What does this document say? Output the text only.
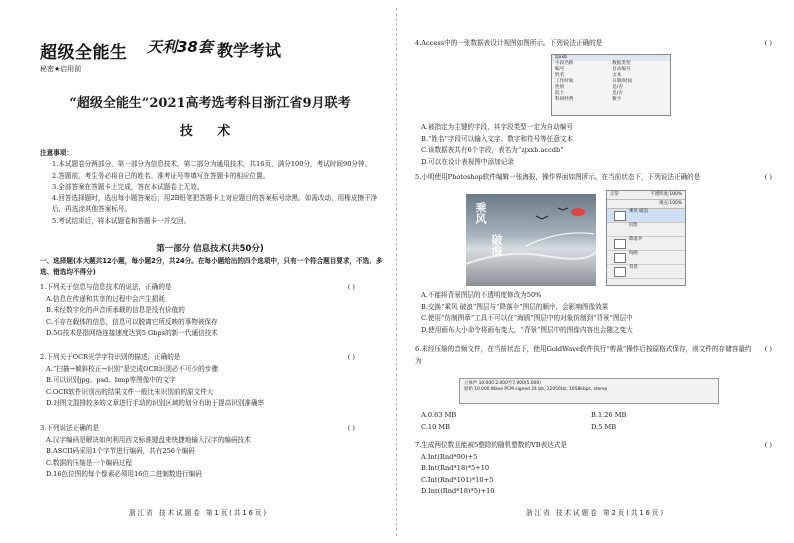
超级全能生 天利38套 教学考试
秘密★启用前
“超级全能生”2021高考选考科目浙江省9月联考
技 术
注意事项：
1.本试题卷分两部分，第一部分为信息技术，第二部分为通用技术，共16页，满分100分，考试时间90分钟。
2.答题前，考生务必将自己的姓名、准考证号等填写在答题卡的相应位置。
3.全部答案在答题卡上完成，答在本试题卷上无效。
4.回答选择题时，选出每小题答案后，用2B铅笔把答题卡上对应题目的答案标号涂黑。如需改动，用橡皮擦干净后，再选涂其他答案标号。
5.考试结束后，将本试题卷和答题卡一并交回。
第一部分 信息技术(共50分)
一、选择题(本大题共12小题，每小题2分，共24分。在每小题给出的四个选项中，只有一个符合题目要求，不选、多选、错选均不得分)
1.下列关于信息与信息技术的说法，正确的是	( )
A.信息在传递和共享的过程中会产生损耗
B.未经数字化的声音所承载的信息是没有价值的
C.不存在载体的信息，信息可以脱离它所反映的事物被保存
D.5G技术是指网络连接速度达到5 Gbps的新一代通信技术
2.下列关于OCR光学字符识别的描述，正确的是	( )
A.“扫描→倾斜校正→识别”是完成OCR识别必不可少的步骤
B.可以识别jpg、psd、bmp等图像中的文字
C.OCR软件识别出的结果文件一般比未识别前的原文件大
D.对图文混排较多的文章进行手动的识别区域的划分有助于提高识别准确率
3.下列说法正确的是	( )
A.汉字编码是解决如何利用西文标准键盘来快捷地输入汉字的编码技术
B.ASCII码采用1个字节进行编码，共有256个编码
C.数据的压缩是一个编码过程
D.16色位图的每个像素必须用16位二进制数进行编码
浙江省 技术试题卷 第1页(共16页)
4.Access中的一张数据表设计视图如图所示。下列说法正确的是	( )
zjxxb
字段名称	数据类型
编号	自动编号
姓名	文本
工作时间	日期/时间
性别	是/否
院士	是/否
科研经费	数字
A.被指定为主键的字段，其字段类型一定为自动编号
B.“姓名”字段可以输入文字、数字和符号等任意文本
C.该数据表共有6个字段，表名为“zjxxb.accdb”
D.可以在设计表视图中添加记录
5.小明使用Photoshop软件编辑一张海报，操作界面如图所示。在当前状态下，下列说法正确的是	( )
乘风
破浪
正常	不透明度:100%
填充:100%
乘风 破浪
投影
降落伞
海鸥
背景
A.不能将背景图层的不透明度修改为50%
B.交换“乘风 破浪”图层与“降落伞”图层的顺序，会影响图像效果
C.使用“仿制图章”工具不可以在“海鸥”图层中的对象仿制到“背景”图层中
D.使用画布大小命令将画布变大，“背景”图层中的图像内容也会随之变大
6.未经压缩的音频文件，在当前状态下，使用GoldWave软件执行“剪裁”操作后按原格式保存，则文件的存储容量约为
( )
立体声 10.000 2.000至7.000(5.000)
原始 10.000 Wave PCM signed 24 bit, 22050Hz, 1058kbps, stereo
A.0.63 MB	B.1.26 MB
C.10 MB	D.5 MB
7.生成两位数且能被5整除的随机整数的VB表达式是	( )
A.Int(Rnd*90)+5
B.Int(Rnd*18)*5+10
C.Int(Rnd*101)*10+5
D.Int((Rnd*18)*5)+10
浙江省 技术试题卷 第2页(共16页)
